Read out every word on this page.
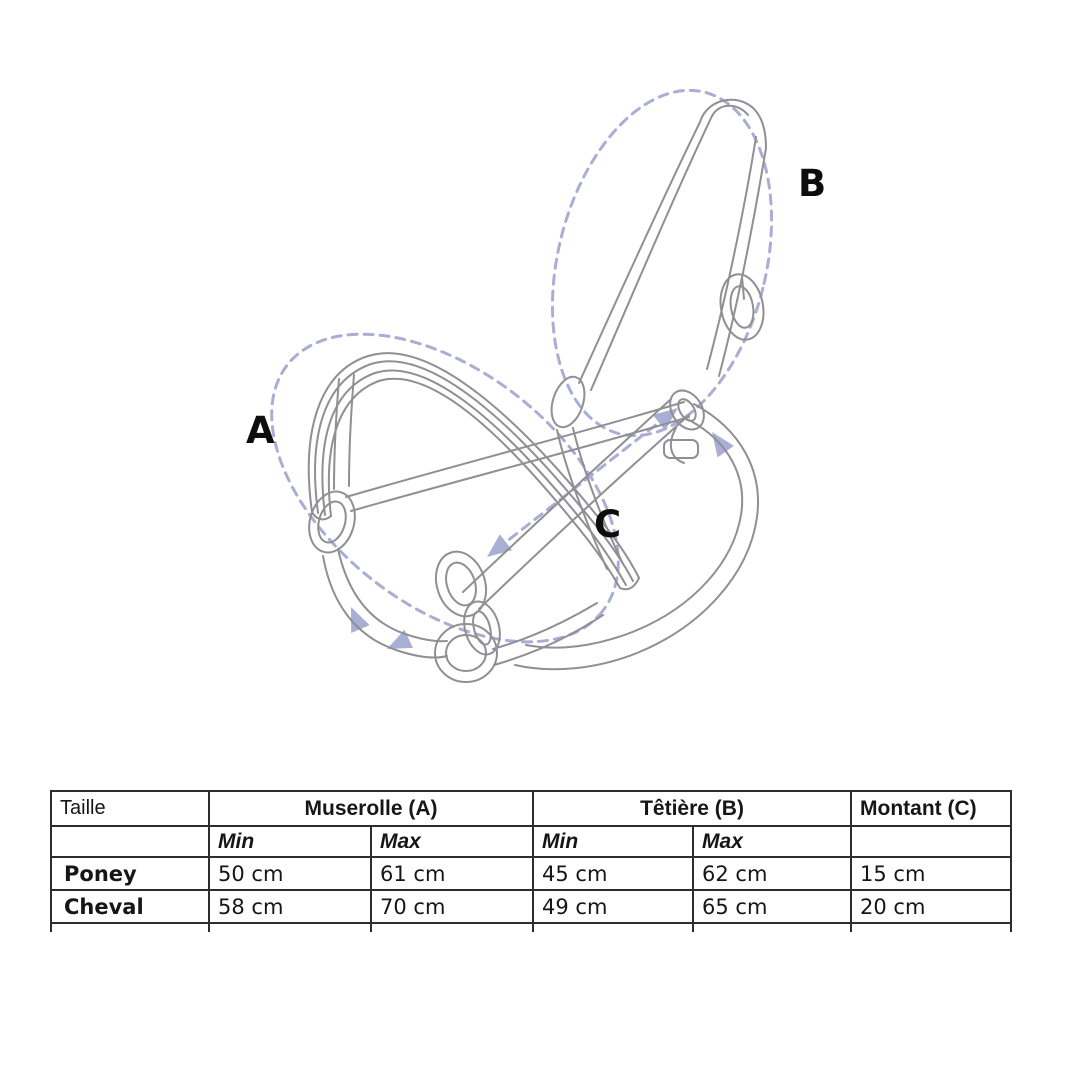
A
B
C
Taille	Muserolle (A)		Têtière (B)		Montant (C)
	Min	Max	Min	Max	
Poney	50 cm	61 cm	45 cm	62 cm	15 cm
Cheval	58 cm	70 cm	49 cm	65 cm	20 cm
